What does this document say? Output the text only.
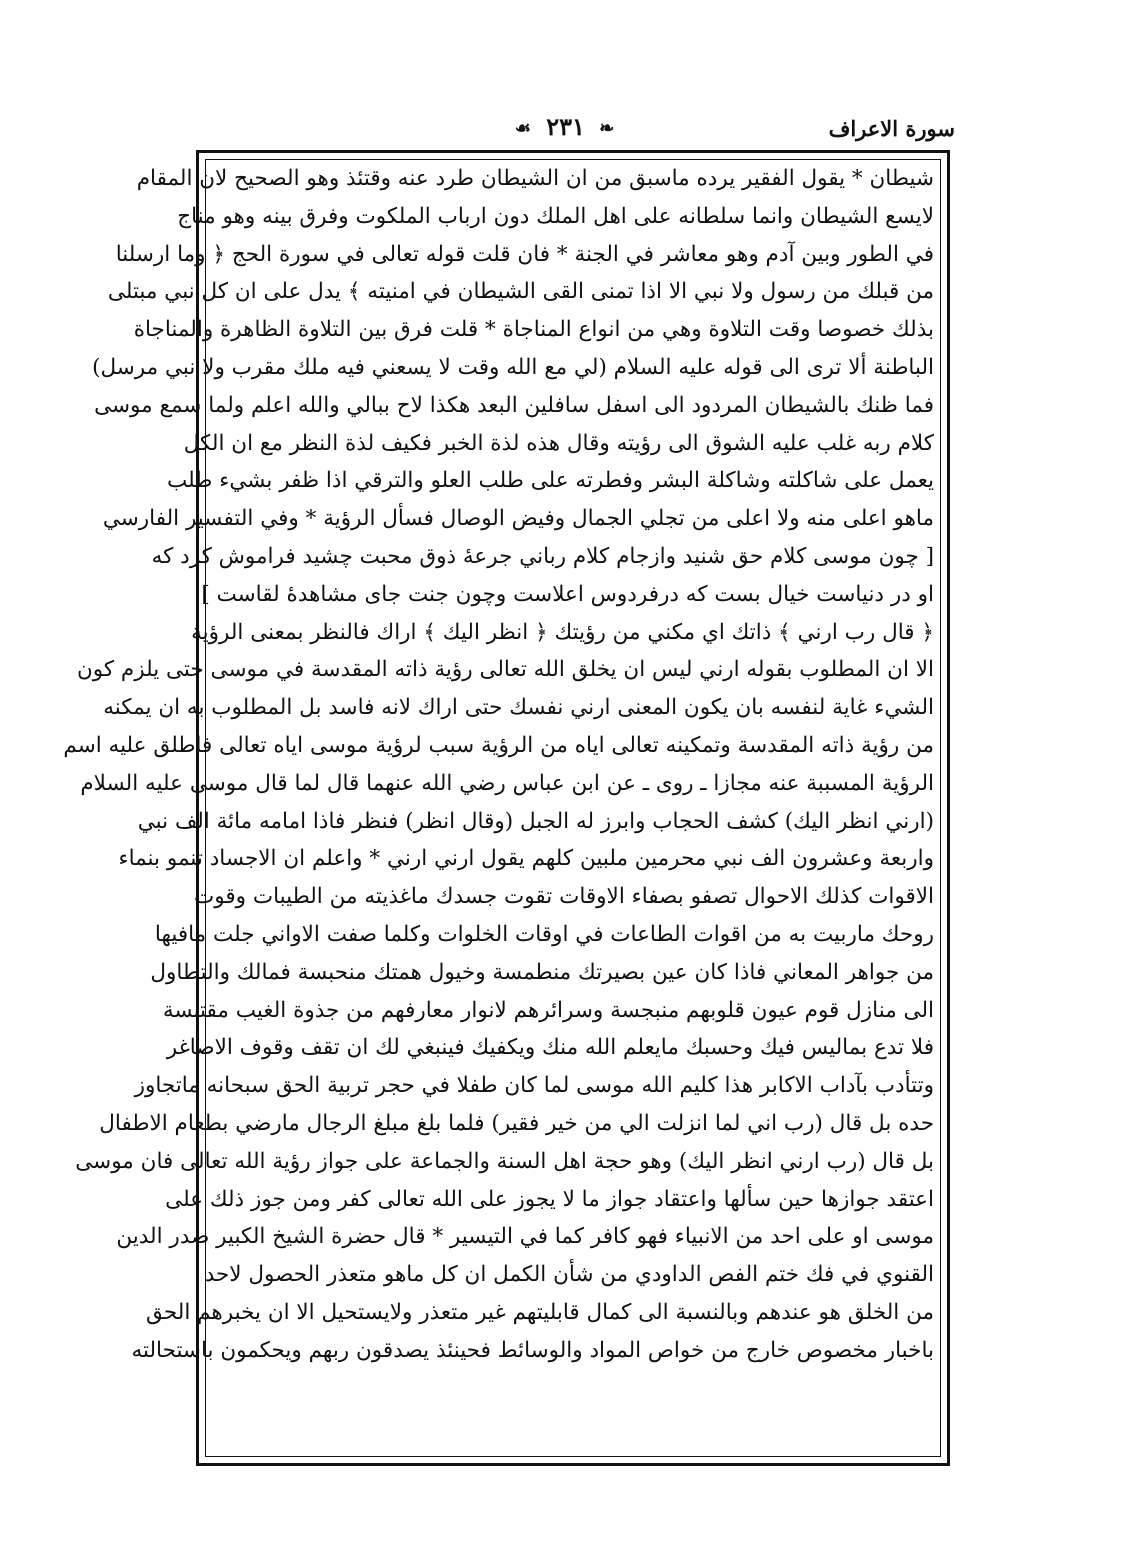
سورة الاعراف
❧ ٢٣١ ☙
شيطان * يقول الفقير يرده ماسبق من ان الشيطان طرد عنه وقتئذ وهو الصحيح لان المقام
لايسع الشيطان وانما سلطانه على اهل الملك دون ارباب الملكوت وفرق بينه وهو مناج
في الطور وبين آدم وهو معاشر في الجنة * فان قلت قوله تعالى في سورة الحج ﴿ وما ارسلنا
من قبلك من رسول ولا نبي الا اذا تمنى القى الشيطان في امنيته ﴾ يدل على ان كل نبي مبتلى
بذلك خصوصا وقت التلاوة وهي من انواع المناجاة * قلت فرق بين التلاوة الظاهرة والمناجاة
الباطنة ألا ترى الى قوله عليه السلام (لي مع الله وقت لا يسعني فيه ملك مقرب ولا نبي مرسل)
فما ظنك بالشيطان المردود الى اسفل سافلين البعد هكذا لاح ببالي والله اعلم ولما سمع موسى
كلام ربه غلب عليه الشوق الى رؤيته وقال هذه لذة الخبر فكيف لذة النظر مع ان الكل
يعمل على شاكلته وشاكلة البشر وفطرته على طلب العلو والترقي اذا ظفر بشيء طلب
ماهو اعلى منه ولا اعلى من تجلي الجمال وفيض الوصال فسأل الرؤية * وفي التفسير الفارسي
[ چون موسى كلام حق شنيد وازجام كلام رباني جرعهٔ ذوق محبت چشيد فراموش كرد كه
او در دنياست خيال بست كه درفردوس اعلاست وچون جنت جاى مشاهدهٔ لقاست ]
﴿ قال رب ارني ﴾ ذاتك اي مكني من رؤيتك ﴿ انظر اليك ﴾ اراك فالنظر بمعنى الرؤية
الا ان المطلوب بقوله ارني ليس ان يخلق الله تعالى رؤية ذاته المقدسة في موسى حتى يلزم كون
الشيء غاية لنفسه بان يكون المعنى ارني نفسك حتى اراك لانه فاسد بل المطلوب به ان يمكنه
من رؤية ذاته المقدسة وتمكينه تعالى اياه من الرؤية سبب لرؤية موسى اياه تعالى فاطلق عليه اسم
الرؤية المسببة عنه مجازا ـ روى ـ عن ابن عباس رضي الله عنهما قال لما قال موسى عليه السلام
(ارني انظر اليك) كشف الحجاب وابرز له الجبل (وقال انظر) فنظر فاذا امامه مائة الف نبي
واربعة وعشرون الف نبي محرمين ملبين كلهم يقول ارني ارني * واعلم ان الاجساد تنمو بنماء
الاقوات كذلك الاحوال تصفو بصفاء الاوقات تقوت جسدك ماغذيته من الطيبات وقوت
روحك ماربيت به من اقوات الطاعات في اوقات الخلوات وكلما صفت الاواني جلت مافيها
من جواهر المعاني فاذا كان عين بصيرتك منطمسة وخيول همتك منحبسة فمالك والتطاول
الى منازل قوم عيون قلوبهم منبجسة وسرائرهم لانوار معارفهم من جذوة الغيب مقتبسة
فلا تدع بماليس فيك وحسبك مايعلم الله منك ويكفيك فينبغي لك ان تقف وقوف الاصاغر
وتتأدب بآداب الاكابر هذا كليم الله موسى لما كان طفلا في حجر تربية الحق سبحانه ماتجاوز
حده بل قال (رب اني لما انزلت الي من خير فقير) فلما بلغ مبلغ الرجال مارضي بطعام الاطفال
بل قال (رب ارني انظر اليك) وهو حجة اهل السنة والجماعة على جواز رؤية الله تعالى فان موسى
اعتقد جوازها حين سألها واعتقاد جواز ما لا يجوز على الله تعالى كفر ومن جوز ذلك على
موسى او على احد من الانبياء فهو كافر كما في التيسير * قال حضرة الشيخ الكبير صدر الدين
القنوي في فك ختم الفص الداودي من شأن الكمل ان كل ماهو متعذر الحصول لاحد
من الخلق هو عندهم وبالنسبة الى كمال قابليتهم غير متعذر ولايستحيل الا ان يخبرهم الحق
باخبار مخصوص خارج من خواص المواد والوسائط فحينئذ يصدقون ربهم ويحكمون باستحالته
